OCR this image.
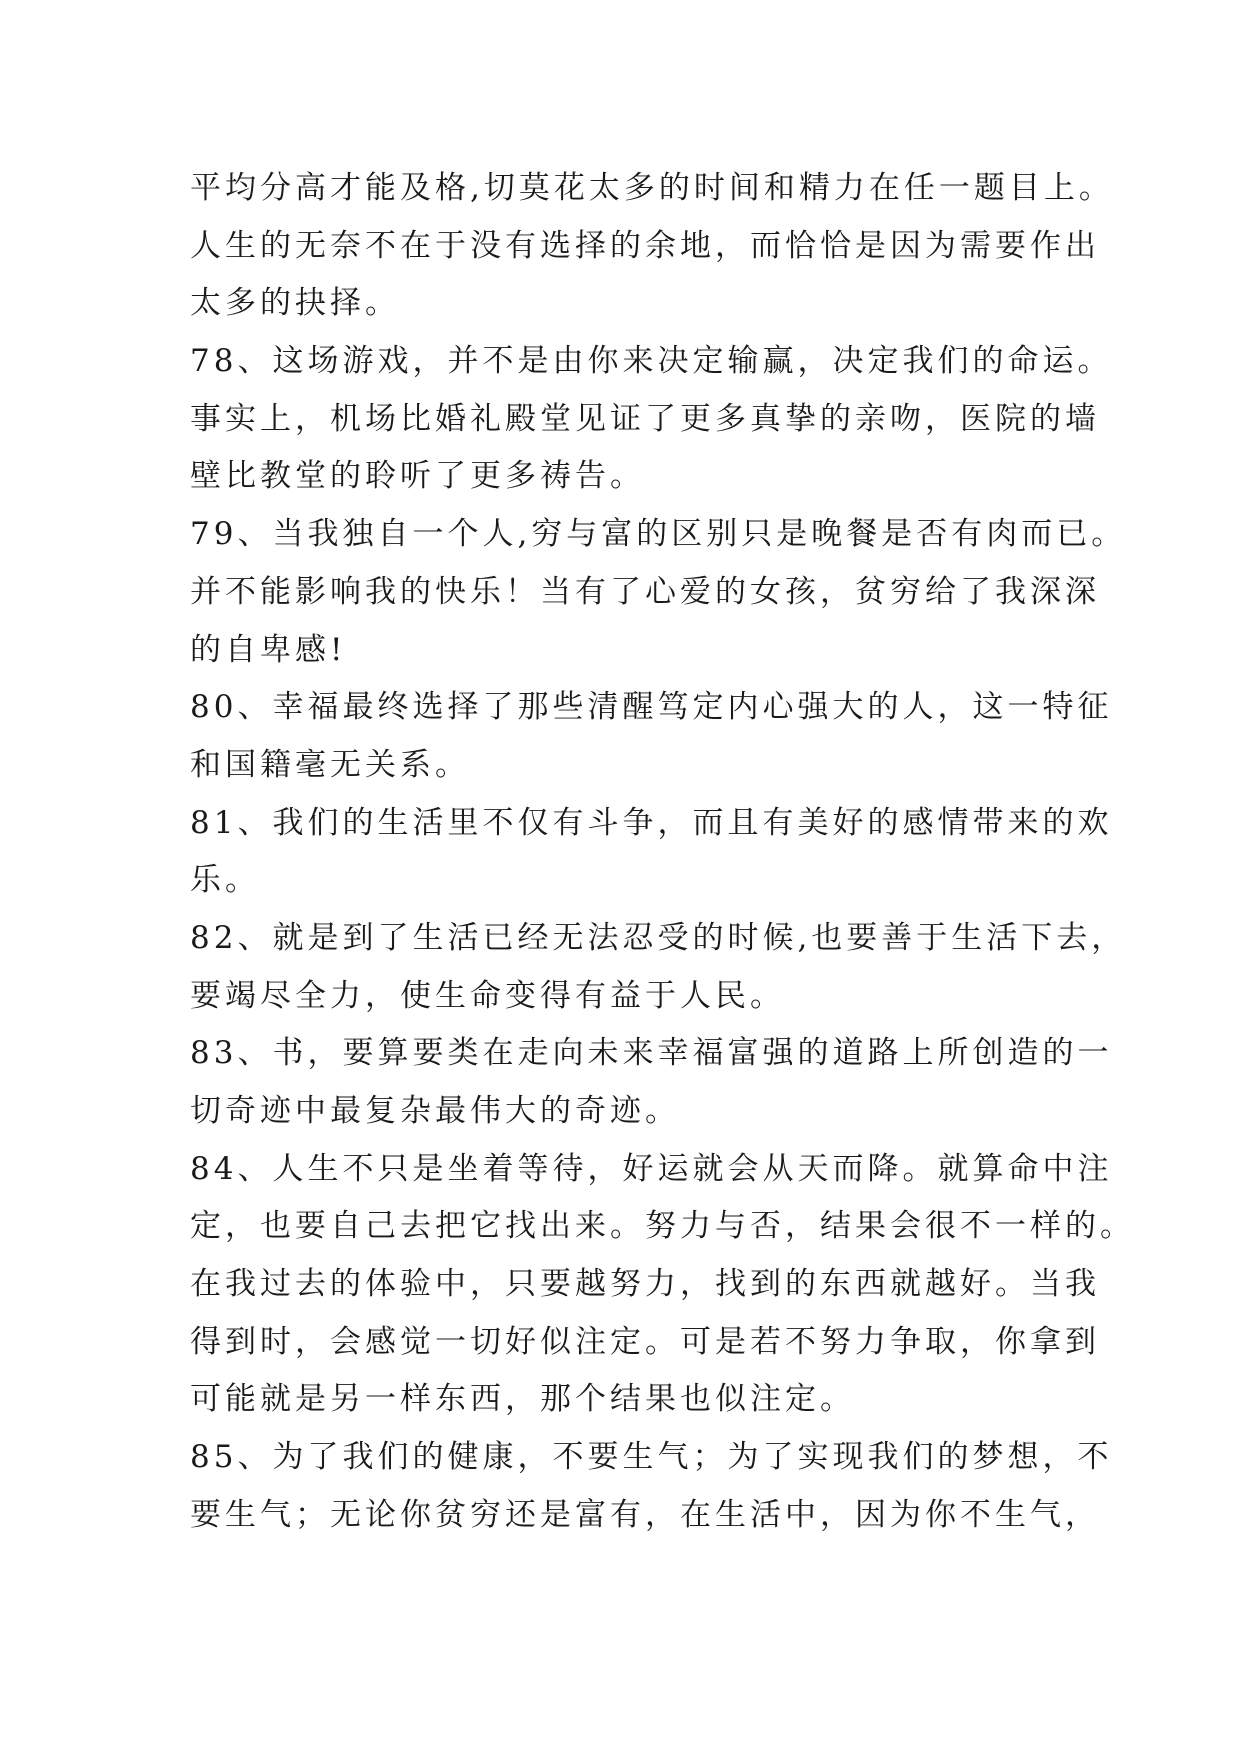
平均分高才能及格,切莫花太多的时间和精力在任一题目上。
人生的无奈不在于没有选择的余地，而恰恰是因为需要作出
太多的抉择。
78、这场游戏，并不是由你来决定输赢，决定我们的命运。
事实上，机场比婚礼殿堂见证了更多真挚的亲吻，医院的墙
壁比教堂的聆听了更多祷告。
79、当我独自一个人,穷与富的区别只是晚餐是否有肉而已。
并不能影响我的快乐！当有了心爱的女孩，贫穷给了我深深
的自卑感!
80、幸福最终选择了那些清醒笃定内心强大的人，这一特征
和国籍毫无关系。
81、我们的生活里不仅有斗争，而且有美好的感情带来的欢
乐。
82、就是到了生活已经无法忍受的时候,也要善于生活下去，
要竭尽全力，使生命变得有益于人民。
83、书，要算要类在走向未来幸福富强的道路上所创造的一
切奇迹中最复杂最伟大的奇迹。
84、人生不只是坐着等待，好运就会从天而降。就算命中注
定，也要自己去把它找出来。努力与否，结果会很不一样的。
在我过去的体验中，只要越努力，找到的东西就越好。当我
得到时，会感觉一切好似注定。可是若不努力争取，你拿到
可能就是另一样东西，那个结果也似注定。
85、为了我们的健康，不要生气；为了实现我们的梦想，不
要生气；无论你贫穷还是富有，在生活中，因为你不生气，
